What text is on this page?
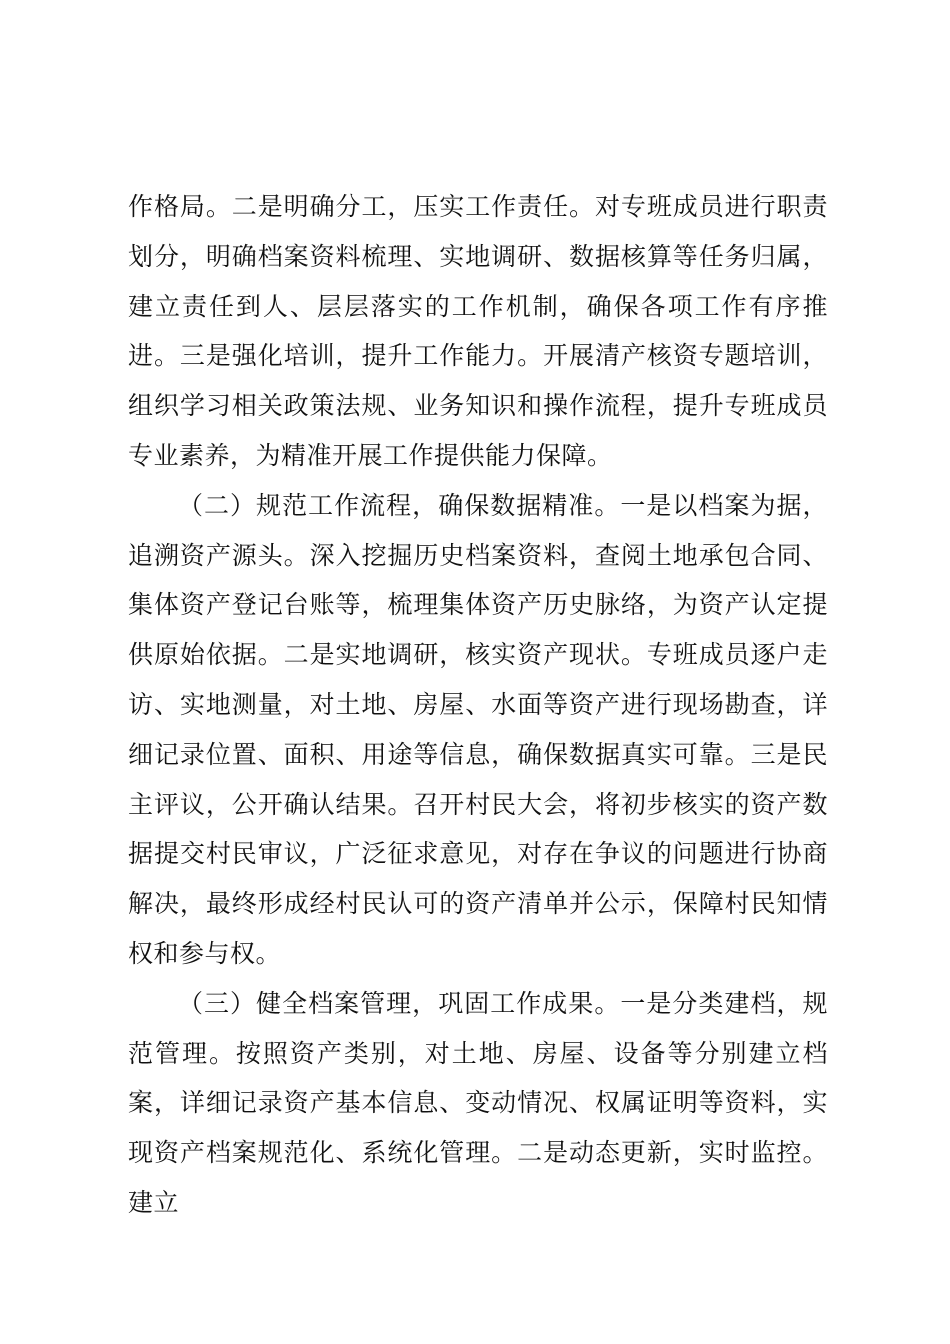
作格局。二是明确分工，压实工作责任。对专班成员进行职责划分，明确档案资料梳理、实地调研、数据核算等任务归属，建立责任到人、层层落实的工作机制，确保各项工作有序推进。三是强化培训，提升工作能力。开展清产核资专题培训，组织学习相关政策法规、业务知识和操作流程，提升专班成员专业素养，为精准开展工作提供能力保障。

（二）规范工作流程，确保数据精准。一是以档案为据，追溯资产源头。深入挖掘历史档案资料，查阅土地承包合同、集体资产登记台账等，梳理集体资产历史脉络，为资产认定提供原始依据。二是实地调研，核实资产现状。专班成员逐户走访、实地测量，对土地、房屋、水面等资产进行现场勘查，详细记录位置、面积、用途等信息，确保数据真实可靠。三是民主评议，公开确认结果。召开村民大会，将初步核实的资产数据提交村民审议，广泛征求意见，对存在争议的问题进行协商解决，最终形成经村民认可的资产清单并公示，保障村民知情权和参与权。

（三）健全档案管理，巩固工作成果。一是分类建档，规范管理。按照资产类别，对土地、房屋、设备等分别建立档案，详细记录资产基本信息、变动情况、权属证明等资料，实现资产档案规范化、系统化管理。二是动态更新，实时监控。建立
